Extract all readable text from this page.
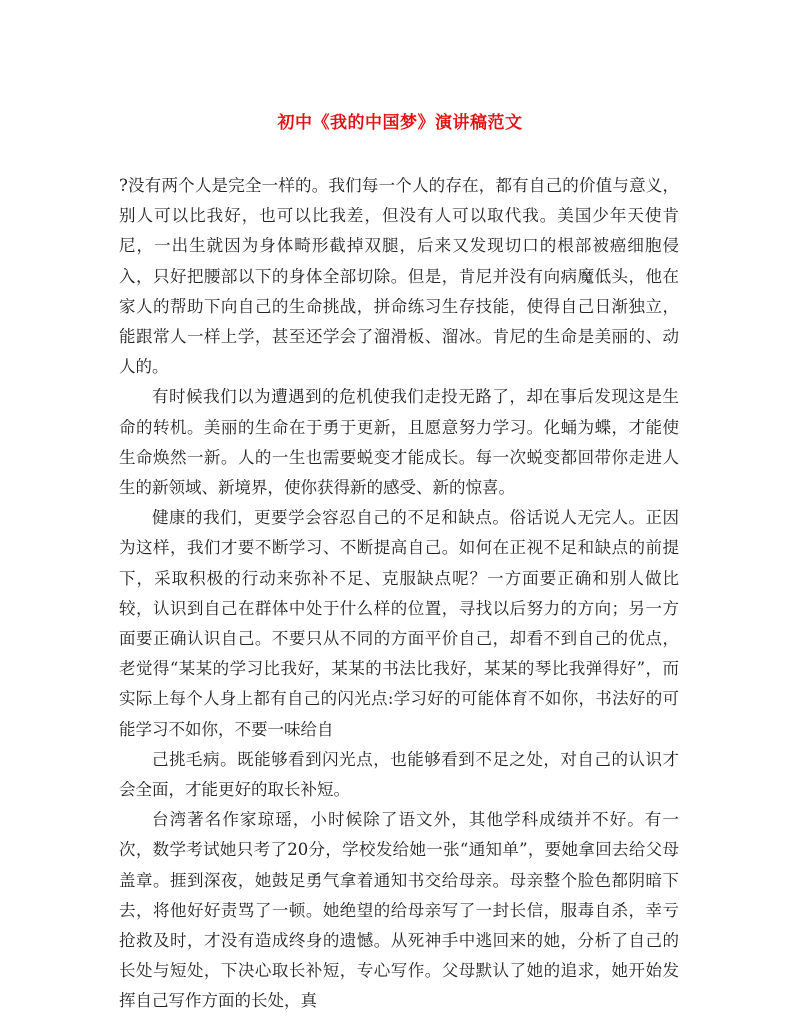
初中《我的中国梦》演讲稿范文

?没有两个人是完全一样的。我们每一个人的存在，都有自己的价值与意义，别人可以比我好，也可以比我差，但没有人可以取代我。美国少年天使肯尼，一出生就因为身体畸形截掉双腿，后来又发现切口的根部被癌细胞侵入，只好把腰部以下的身体全部切除。但是，肯尼并没有向病魔低头，他在家人的帮助下向自己的生命挑战，拼命练习生存技能，使得自己日渐独立，能跟常人一样上学，甚至还学会了溜滑板、溜冰。肯尼的生命是美丽的、动人的。

有时候我们以为遭遇到的危机使我们走投无路了，却在事后发现这是生命的转机。美丽的生命在于勇于更新，且愿意努力学习。化蛹为蝶，才能使生命焕然一新。人的一生也需要蜕变才能成长。每一次蜕变都回带你走进人生的新领域、新境界，使你获得新的感受、新的惊喜。

健康的我们，更要学会容忍自己的不足和缺点。俗话说人无完人。正因为这样，我们才要不断学习、不断提高自己。如何在正视不足和缺点的前提下，采取积极的行动来弥补不足、克服缺点呢？一方面要正确和别人做比较，认识到自己在群体中处于什么样的位置，寻找以后努力的方向；另一方面要正确认识自己。不要只从不同的方面平价自己，却看不到自己的优点，老觉得“某某的学习比我好，某某的书法比我好，某某的琴比我弹得好”，而实际上每个人身上都有自己的闪光点:学习好的可能体育不如你，书法好的可能学习不如你，不要一味给自

己挑毛病。既能够看到闪光点，也能够看到不足之处，对自己的认识才会全面，才能更好的取长补短。

台湾著名作家琼瑶，小时候除了语文外，其他学科成绩并不好。有一次，数学考试她只考了20分，学校发给她一张“通知单”，要她拿回去给父母盖章。捱到深夜，她鼓足勇气拿着通知书交给母亲。母亲整个脸色都阴暗下去，将他好好责骂了一顿。她绝望的给母亲写了一封长信，服毒自杀，幸亏抢救及时，才没有造成终身的遗憾。从死神手中逃回来的她，分析了自己的长处与短处，下决心取长补短，专心写作。父母默认了她的追求，她开始发挥自己写作方面的长处，真
